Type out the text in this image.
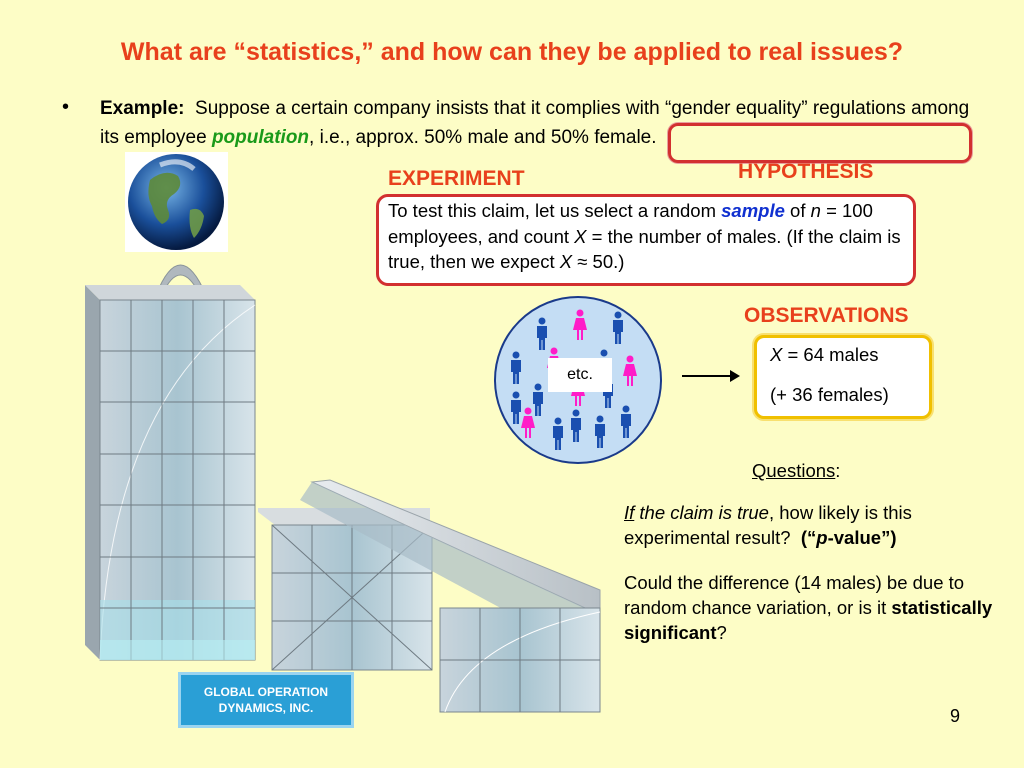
What are “statistics,” and how can they be applied to real issues?
• Example: Suppose a certain company insists that it complies with “gender equality” regulations among its employee population, i.e., approx. 50% male and 50% female.
HYPOTHESIS
GLOBAL OPERATION
DYNAMICS, INC.
EXPERIMENT
To test this claim, let us select a random sample of n = 100 employees, and count X = the number of males. (If the claim is true, then we expect X ≈ 50.)
etc.
OBSERVATIONS
X = 64 males
(+ 36 females)
Questions:
If the claim is true, how likely is this experimental result? (“p-value”)
Could the difference (14 males) be due to random chance variation, or is it statistically significant?
9
